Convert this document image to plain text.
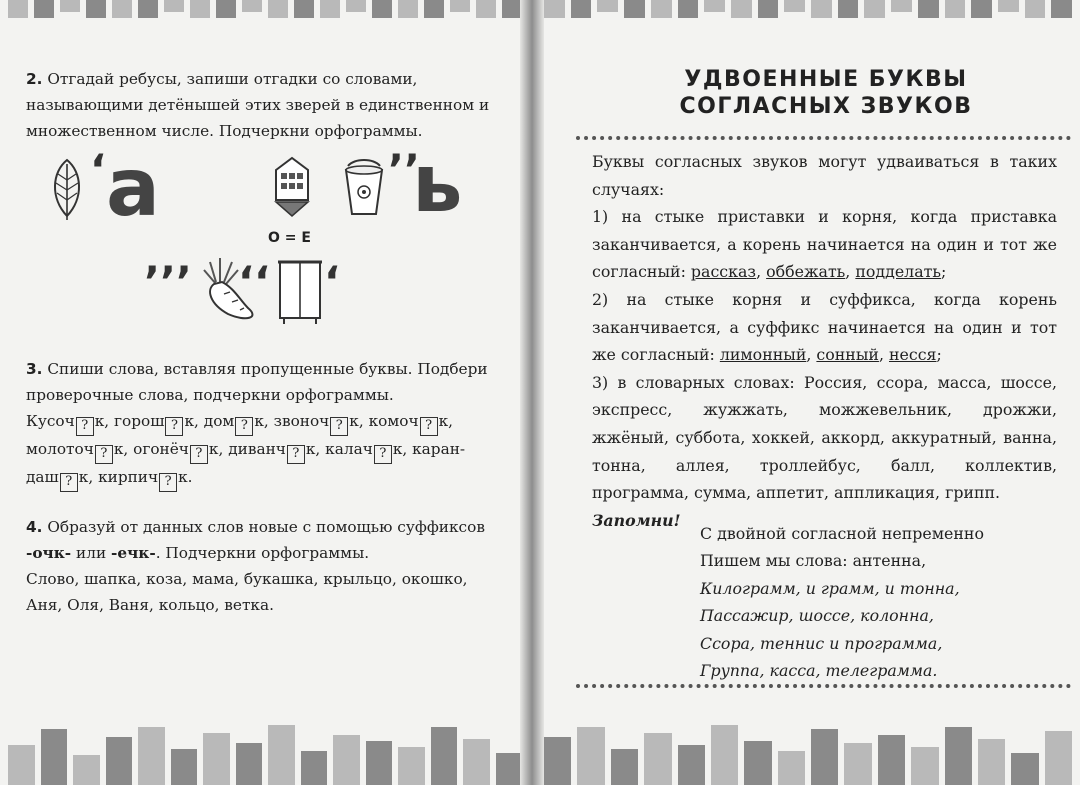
2. Отгадай ребусы, запиши отгадки со словами, называющими детёнышей этих зверей в единственном и множественном числе. Подчеркни орфограммы.
‘ а
О = Е
’’
ь
’’’ ‘‘ ‘
3. Спиши слова, вставляя пропущенные буквы. Подбери проверочные слова, подчеркни орфограммы.
Кусоч ? к, горош ? к, дом ? к, звоноч ? к, комоч ? к, молоточ ? к, огонёч ? к, диванч ? к, калач ? к, каран-даш ? к, кирпич ? к.
4. Образуй от данных слов новые с помощью суффиксов -очк- или -ечк-. Подчеркни орфограммы.
Слово, шапка, коза, мама, букашка, крыльцо, окошко, Аня, Оля, Ваня, кольцо, ветка.
УДВОЕННЫЕ БУКВЫ СОГЛАСНЫХ ЗВУКОВ
Буквы согласных звуков могут удваиваться в таких случаях:
1) на стыке приставки и корня, когда приставка заканчивается, а корень начинается на один и тот же согласный: рассказ, оббежать, подделать;
2) на стыке корня и суффикса, когда корень заканчивается, а суффикс начинается на один и тот же согласный: лимонный, сонный, несся;
3) в словарных словах: Россия, ссора, масса, шоссе, экспресс, жужжать, можжевельник, дрожжи, жжёный, суббота, хоккей, аккорд, аккуратный, ванна, тонна, аллея, троллейбус, балл, коллектив, программа, сумма, аппетит, аппликация, грипп.
Запомни!
С двойной согласной непременно
Пишем мы слова: антенна,
Килограмм, и грамм, и тонна,
Пассажир, шоссе, колонна,
Ссора, теннис и программа,
Группа, касса, телеграмма.
